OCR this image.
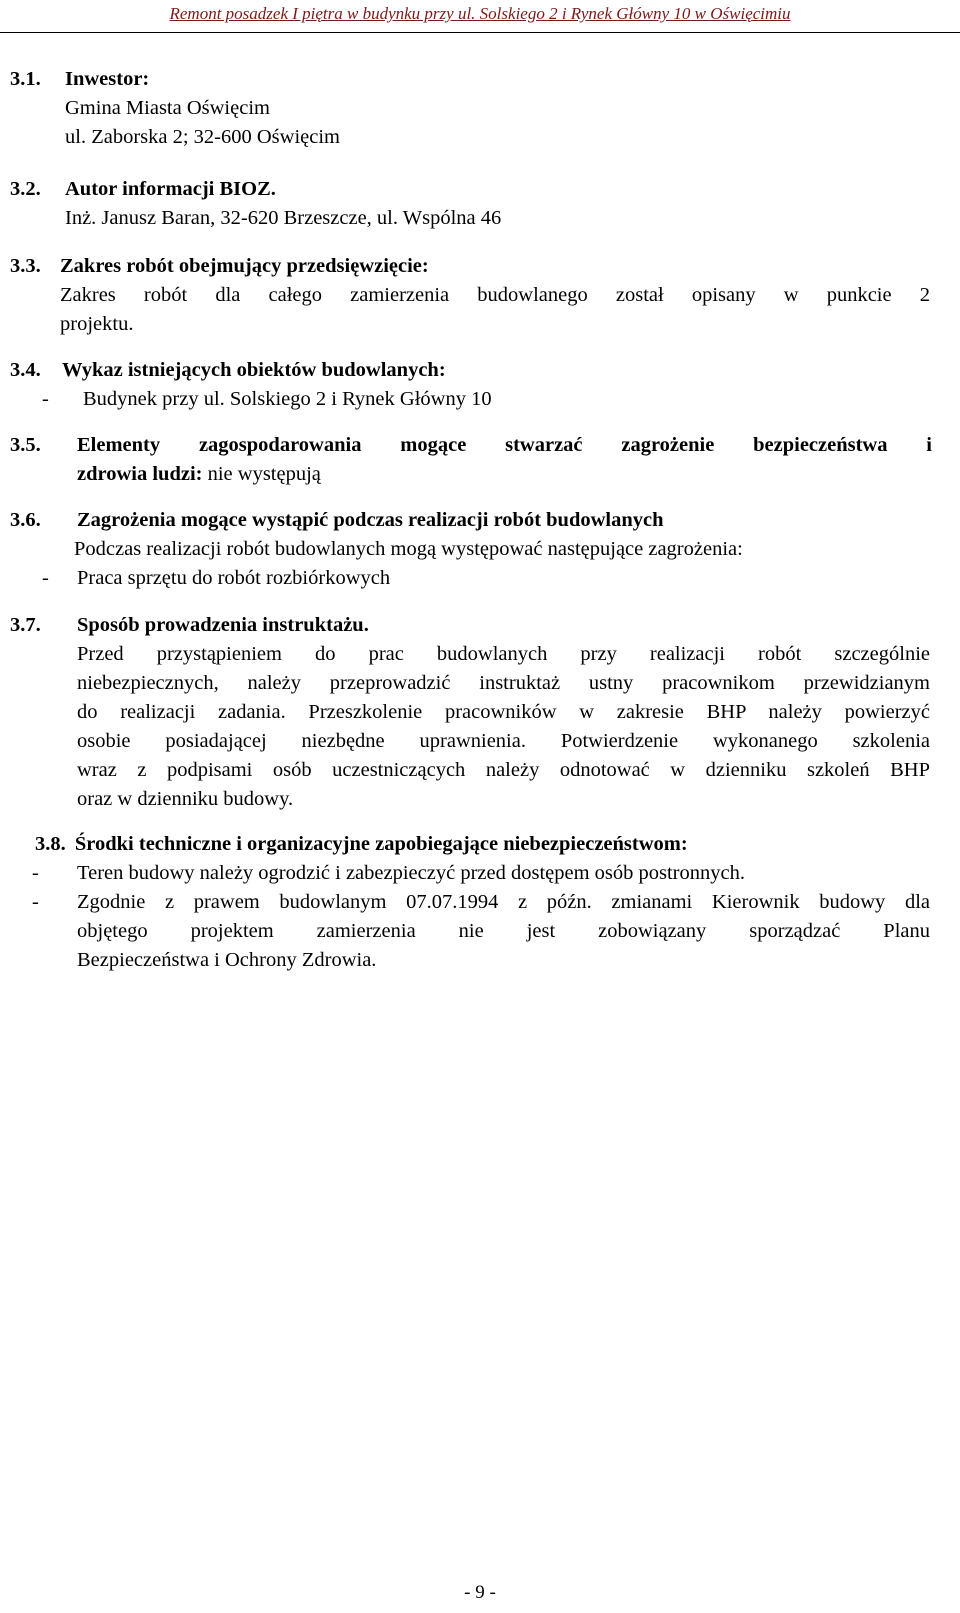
Remont posadzek I piętra w budynku przy ul. Solskiego 2 i Rynek Główny 10 w Oświęcimiu
3.1. Inwestor:
Gmina Miasta Oświęcim
ul. Zaborska 2; 32-600 Oświęcim
3.2. Autor informacji BIOZ.
Inż. Janusz Baran, 32-620 Brzeszcze, ul. Wspólna 46
3.3. Zakres robót obejmujący przedsięwzięcie:
Zakres robót dla całego zamierzenia budowlanego został opisany w punkcie 2
projektu.
3.4. Wykaz istniejących obiektów budowlanych:
- Budynek przy ul. Solskiego 2 i Rynek Główny 10
3.5. Elementy zagospodarowania mogące stwarzać zagrożenie bezpieczeństwa i
zdrowia ludzi: nie występują
3.6. Zagrożenia mogące wystąpić podczas realizacji robót budowlanych
Podczas realizacji robót budowlanych mogą występować następujące zagrożenia:
- Praca sprzętu do robót rozbiórkowych
3.7. Sposób prowadzenia instruktażu.
Przed przystąpieniem do prac budowlanych przy realizacji robót szczególnie
niebezpiecznych, należy przeprowadzić instruktaż ustny pracownikom przewidzianym
do realizacji zadania. Przeszkolenie pracowników w zakresie BHP należy powierzyć
osobie posiadającej niezbędne uprawnienia. Potwierdzenie wykonanego szkolenia
wraz z podpisami osób uczestniczących należy odnotować w dzienniku szkoleń BHP
oraz w dzienniku budowy.
3.8. Środki techniczne i organizacyjne zapobiegające niebezpieczeństwom:
- Teren budowy należy ogrodzić i zabezpieczyć przed dostępem osób postronnych.
- Zgodnie z prawem budowlanym 07.07.1994 z późn. zmianami Kierownik budowy dla
objętego projektem zamierzenia nie jest zobowiązany sporządzać Planu
Bezpieczeństwa i Ochrony Zdrowia.
- 9 -
